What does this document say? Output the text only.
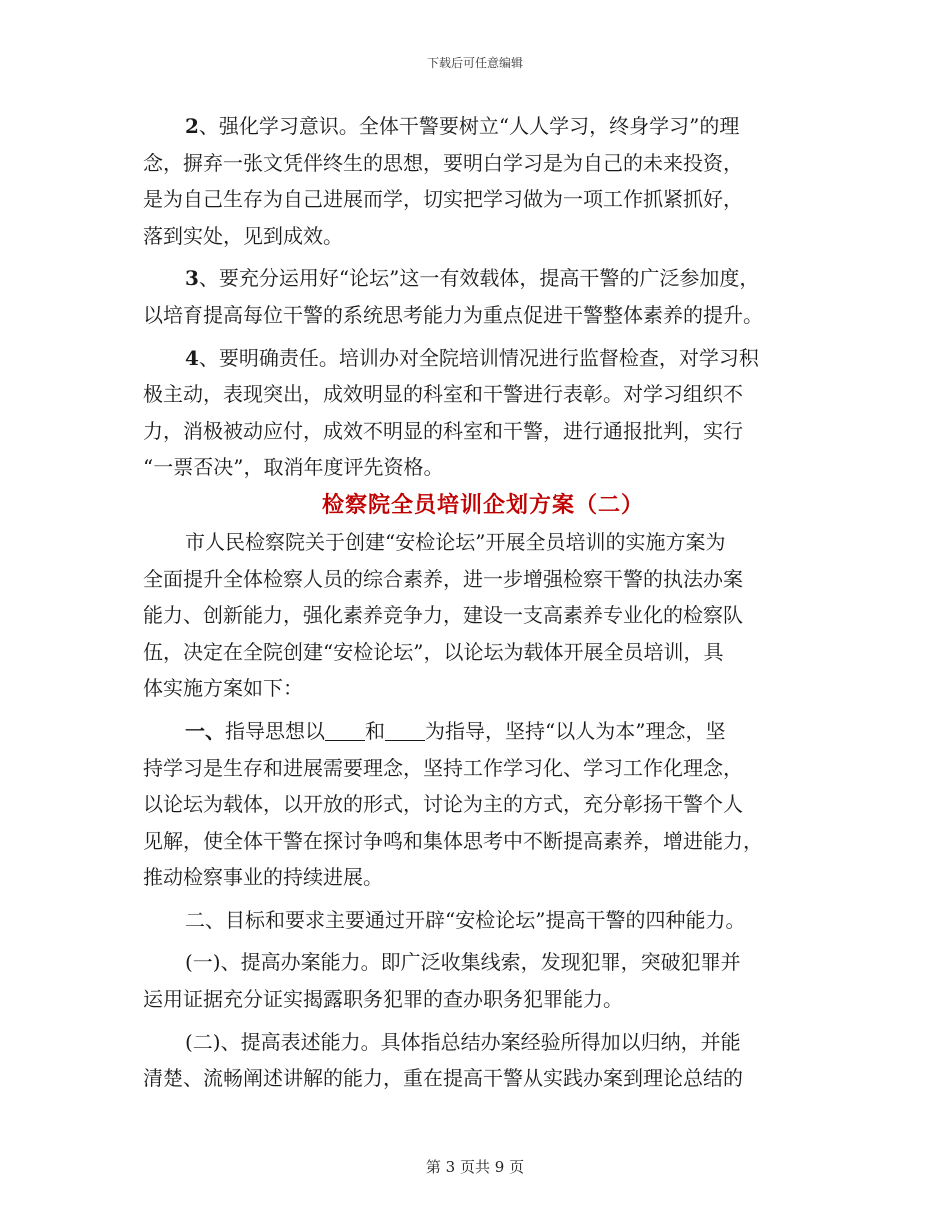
下载后可任意编辑
2、强化学习意识。全体干警要树立“人人学习，终身学习”的理
念，摒弃一张文凭伴终生的思想，要明白学习是为自己的未来投资，
是为自己生存为自己进展而学，切实把学习做为一项工作抓紧抓好，
落到实处，见到成效。
3、要充分运用好“论坛”这一有效载体，提高干警的广泛参加度，
以培育提高每位干警的系统思考能力为重点促进干警整体素养的提升。
4、要明确责任。培训办对全院培训情况进行监督检查，对学习积
极主动，表现突出，成效明显的科室和干警进行表彰。对学习组织不
力，消极被动应付，成效不明显的科室和干警，进行通报批判，实行
“一票否决”，取消年度评先资格。
检察院全员培训企划方案（二）
市人民检察院关于创建“安检论坛”开展全员培训的实施方案为
全面提升全体检察人员的综合素养，进一步增强检察干警的执法办案
能力、创新能力，强化素养竞争力，建设一支高素养专业化的检察队
伍，决定在全院创建“安检论坛”，以论坛为载体开展全员培训，具
体实施方案如下：
一、指导思想以 和 为指导，坚持“以人为本”理念，坚
持学习是生存和进展需要理念，坚持工作学习化、学习工作化理念，
以论坛为载体，以开放的形式，讨论为主的方式，充分彰扬干警个人
见解，使全体干警在探讨争鸣和集体思考中不断提高素养，增进能力，
推动检察事业的持续进展。
二、目标和要求主要通过开辟“安检论坛”提高干警的四种能力。
(一)、提高办案能力。即广泛收集线索，发现犯罪，突破犯罪并
运用证据充分证实揭露职务犯罪的查办职务犯罪能力。
(二)、提高表述能力。具体指总结办案经验所得加以归纳，并能
清楚、流畅阐述讲解的能力，重在提高干警从实践办案到理论总结的
第 3 页共 9 页
